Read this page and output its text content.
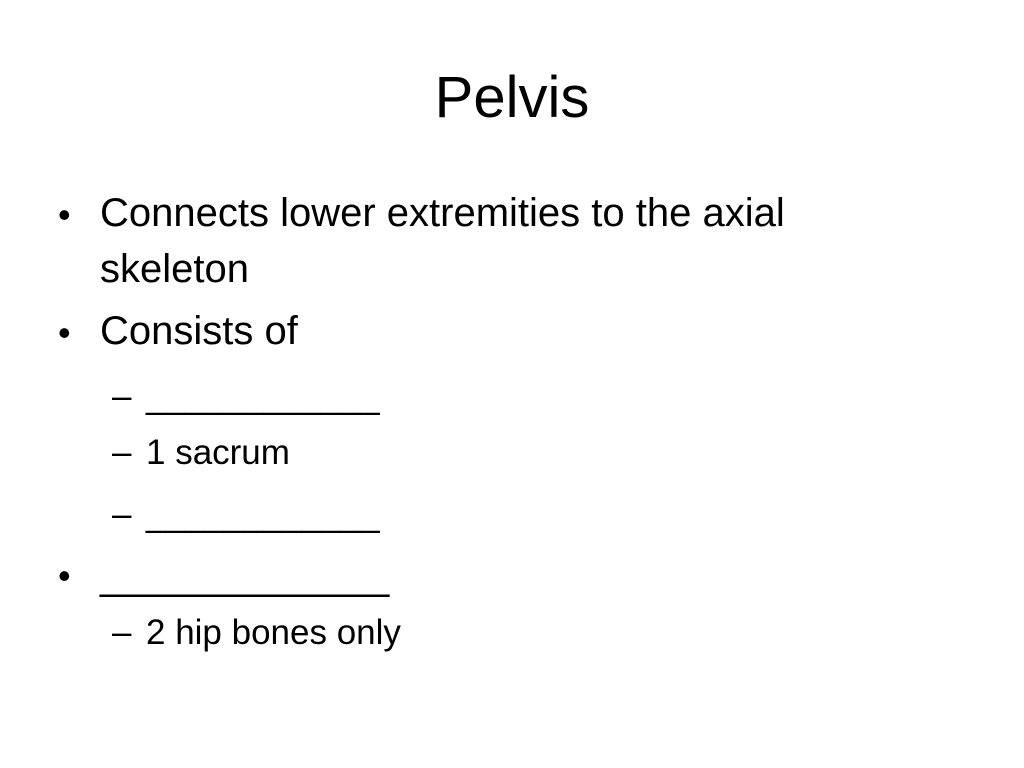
Pelvis
• Connects lower extremities to the axial
skeleton
• Consists of
– ____________
– 1 sacrum
– ____________
• _____________
– 2 hip bones only
